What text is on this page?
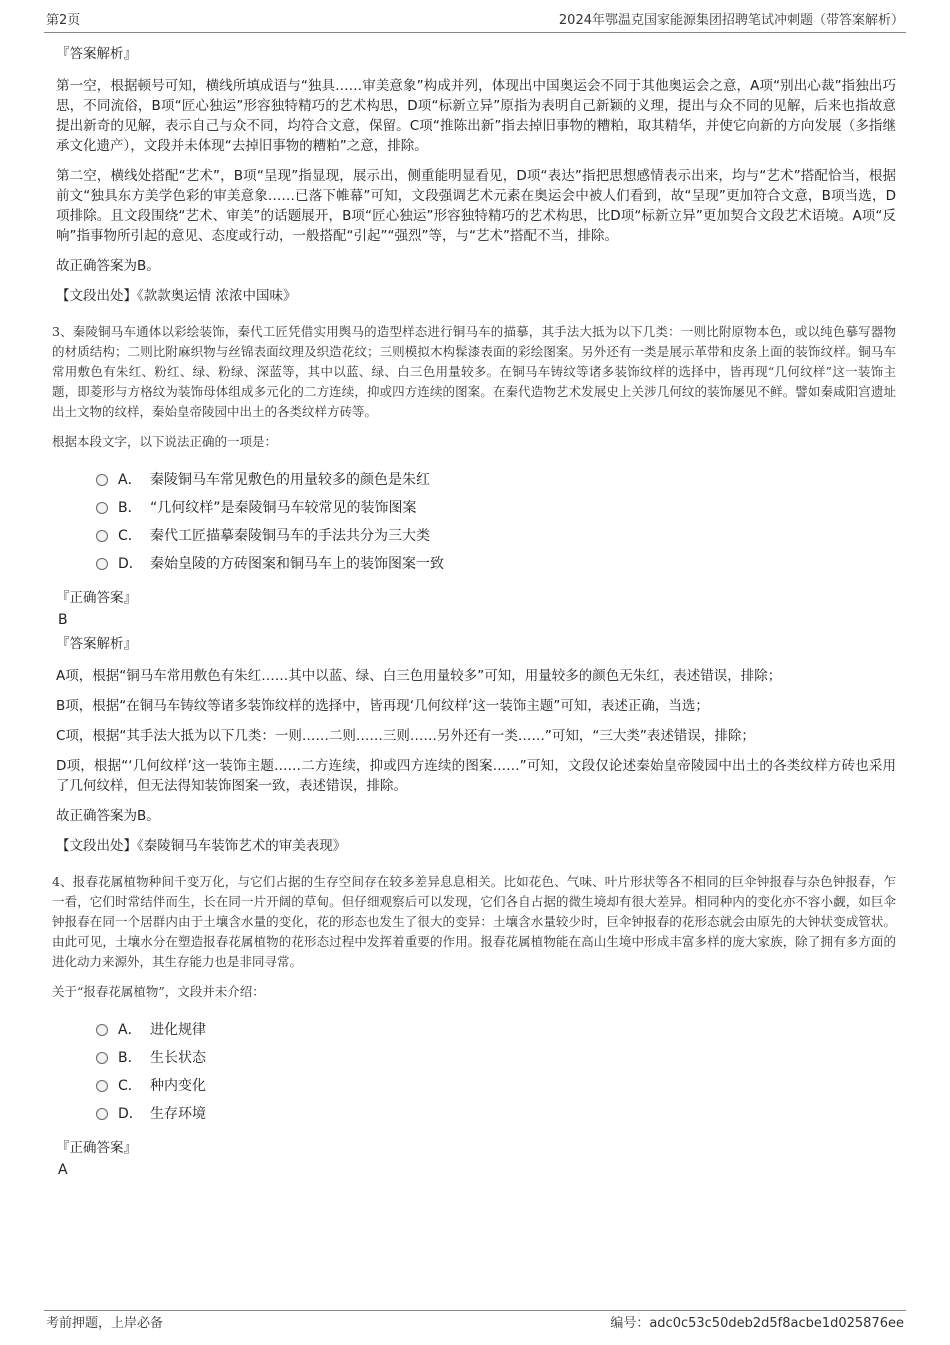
第2页	2024年鄂温克国家能源集团招聘笔试冲刺题（带答案解析）
『答案解析』

第一空，根据顿号可知，横线所填成语与“独具……审美意象”构成并列，体现出中国奥运会不同于其他奥运会之意，A项“别出心裁”指独出巧思，不同流俗，B项“匠心独运”形容独特精巧的艺术构思，D项“标新立异”原指为表明自己新颖的义理，提出与众不同的见解，后来也指故意提出新奇的见解，表示自己与众不同，均符合文意，保留。C项“推陈出新”指去掉旧事物的糟粕，取其精华，并使它向新的方向发展（多指继承文化遗产），文段并未体现“去掉旧事物的糟粕”之意，排除。

第二空，横线处搭配“艺术”，B项“呈现”指显现，展示出，侧重能明显看见，D项“表达”指把思想感情表示出来，均与“艺术”搭配恰当，根据前文“独具东方美学色彩的审美意象……已落下帷幕”可知，文段强调艺术元素在奥运会中被人们看到，故“呈现”更加符合文意，B项当选，D项排除。且文段围绕“艺术、审美”的话题展开，B项“匠心独运”形容独特精巧的艺术构思，比D项“标新立异”更加契合文段艺术语境。A项“反响”指事物所引起的意见、态度或行动，一般搭配“引起”“强烈”等，与“艺术”搭配不当，排除。

故正确答案为B。

【文段出处】《款款奥运情 浓浓中国味》

3、秦陵铜马车通体以彩绘装饰，秦代工匠凭借实用舆马的造型样态进行铜马车的描摹，其手法大抵为以下几类：一则比附原物本色，或以纯色摹写器物的材质结构；二则比附麻织物与丝锦表面纹理及织造花纹；三则模拟木构髹漆表面的彩绘图案。另外还有一类是展示革带和皮条上面的装饰纹样。铜马车常用敷色有朱红、粉红、绿、粉绿、深蓝等，其中以蓝、绿、白三色用量较多。在铜马车铸纹等诸多装饰纹样的选择中，皆再现“几何纹样”这一装饰主题，即菱形与方格纹为装饰母体组成多元化的二方连续，抑或四方连续的图案。在秦代造物艺术发展史上关涉几何纹的装饰屡见不鲜。譬如秦咸阳宫遗址出土文物的纹样，秦始皇帝陵园中出土的各类纹样方砖等。

根据本段文字，以下说法正确的一项是：

A． 秦陵铜马车常见敷色的用量较多的颜色是朱红
B． “几何纹样”是秦陵铜马车较常见的装饰图案
C． 秦代工匠描摹秦陵铜马车的手法共分为三大类
D． 秦始皇陵的方砖图案和铜马车上的装饰图案一致
『正确答案』
B
『答案解析』

A项，根据“铜马车常用敷色有朱红……其中以蓝、绿、白三色用量较多”可知，用量较多的颜色无朱红，表述错误，排除；

B项，根据“在铜马车铸纹等诸多装饰纹样的选择中，皆再现‘几何纹样’这一装饰主题”可知，表述正确，当选；

C项，根据“其手法大抵为以下几类：一则……二则……三则……另外还有一类……”可知，“三大类”表述错误，排除；

D项，根据“‘几何纹样’这一装饰主题……二方连续，抑或四方连续的图案……”可知，文段仅论述秦始皇帝陵园中出土的各类纹样方砖也采用了几何纹样，但无法得知装饰图案一致，表述错误，排除。

故正确答案为B。

【文段出处】《秦陵铜马车装饰艺术的审美表现》

4、报春花属植物种间千变万化，与它们占据的生存空间存在较多差异息息相关。比如花色、气味、叶片形状等各不相同的巨伞钟报春与杂色钟报春，乍一看，它们时常结伴而生，长在同一片开阔的草甸。但仔细观察后可以发现，它们各自占据的微生境却有很大差异。相同种内的变化亦不容小觑，如巨伞钟报春在同一个居群内由于土壤含水量的变化，花的形态也发生了很大的变异：土壤含水量较少时，巨伞钟报春的花形态就会由原先的大钟状变成管状。由此可见，土壤水分在塑造报春花属植物的花形态过程中发挥着重要的作用。报春花属植物能在高山生境中形成丰富多样的庞大家族，除了拥有多方面的进化动力来源外，其生存能力也是非同寻常。

关于“报春花属植物”，文段并未介绍：

A． 进化规律
B． 生长状态
C． 种内变化
D． 生存环境
『正确答案』
A
考前押题，上岸必备	编号：adc0c53c50deb2d5f8acbe1d025876ee
